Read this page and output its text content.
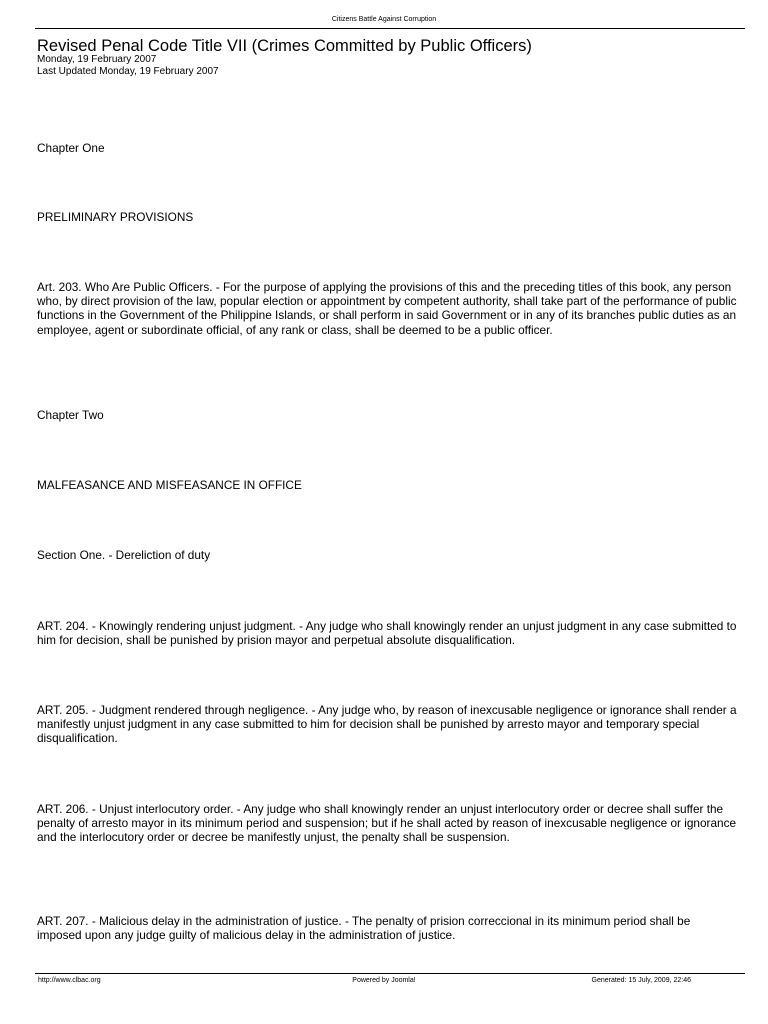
Citizens Battle Against Corruption
Revised Penal Code Title VII (Crimes Committed by Public Officers)
Monday, 19 February 2007
Last Updated Monday, 19 February 2007

Chapter One

PRELIMINARY PROVISIONS

Art. 203. Who Are Public Officers. - For the purpose of applying the provisions of this and the preceding titles of this book, any person who, by direct provision of the law, popular election or appointment by competent authority, shall take part of the performance of public functions in the Government of the Philippine Islands, or shall perform in said Government or in any of its branches public duties as an employee, agent or subordinate official, of any rank or class, shall be deemed to be a public officer.

Chapter Two

MALFEASANCE AND MISFEASANCE IN OFFICE

Section One. - Dereliction of duty

ART. 204. - Knowingly rendering unjust judgment. - Any judge who shall knowingly render an unjust judgment in any case submitted to him for decision, shall be punished by prision mayor and perpetual absolute disqualification.

ART. 205. - Judgment rendered through negligence. - Any judge who, by reason of inexcusable negligence or ignorance shall render a manifestly unjust judgment in any case submitted to him for decision shall be punished by arresto mayor and temporary special disqualification.

ART. 206. - Unjust interlocutory order. - Any judge who shall knowingly render an unjust interlocutory order or decree shall suffer the penalty of arresto mayor in its minimum period and suspension; but if he shall acted by reason of inexcusable negligence or ignorance and the interlocutory order or decree be manifestly unjust, the penalty shall be suspension.

ART. 207. - Malicious delay in the administration of justice. - The penalty of prision correccional in its minimum period shall be imposed upon any judge guilty of malicious delay in the administration of justice.

http://www.clbac.org	Powered by Joomla!	Generated: 15 July, 2009, 22:46
